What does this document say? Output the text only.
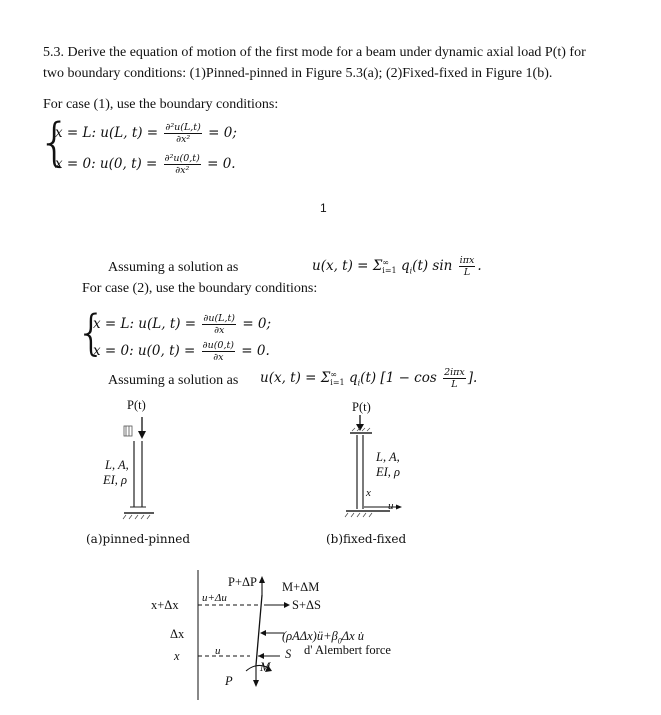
5.3. Derive the equation of motion of the first mode for a beam under dynamic axial load P(t) for
two boundary conditions: (1)Pinned-pinned in Figure 5.3(a); (2)Fixed-fixed in Figure 1(b).
For case (1), use the boundary conditions:
{
x = L: u(L, $t) = \frac{\text{∂²u(L,t)}}{\text{∂x²}} = 0$;
x = 0: u(0, $t) = \frac{\text{∂²u(0,t)}}{\text{∂x²}} = 0$.
1
Assuming a solution as	u(x, t) = Σ ∞
i=1 $q_i(t)$ $\sin \frac{\text{iπx}}{L}$ .
For case (2), use the boundary conditions:
{
x = L: u(L, $t) = \frac{\partial u(L,t)}{\partial x} = 0$;
x = 0: u(0, $t) = \frac{\partial u(0,t)}{\partial x} = 0$.
Assuming a solution as u(x, t) = Σ ∞
i=1 $q_i(t) [1 - \cos \frac{\text{2iπx}}{L}$ ].
P(t)
L, A,
EI, ρ
(a)pinned-pinned
P(t)
L, A,
EI, ρ
x
u
(b)fixed-fixed
P+ΔP M+ΔM
x+Δx u+Δu	S+ΔS
Δx	$(\rho A\Delta x)ü+\beta_0\Delta x$ u̇
d' Alembert force
x	u	S
M
P
